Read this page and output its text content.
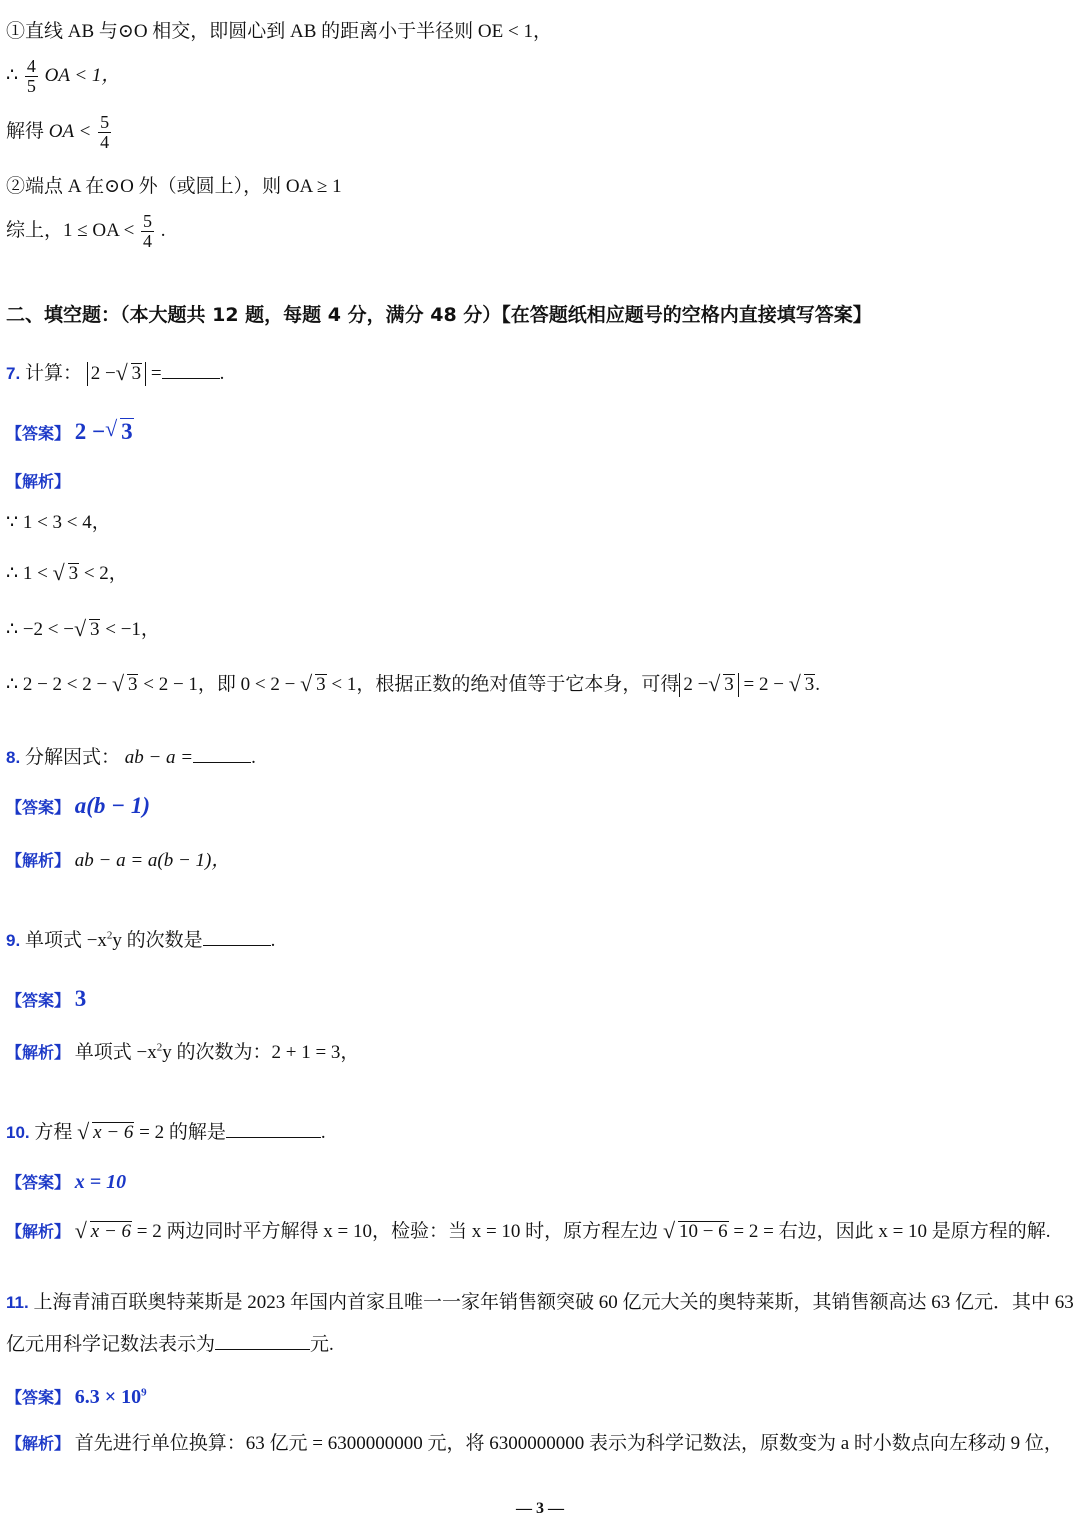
①直线 AB 与⊙O 相交，即圆心到 AB 的距离小于半径则 OE < 1，
∴ $\frac{4}{5}$ OA < 1，
解得 OA < $\frac{5}{4}$
②端点 A 在⊙O 外（或圆上），则 OA ≥ 1
综上，1 ≤ OA < $\frac{5}{4}$ .
二、填空题：（本大题共 12 题，每题 4 分，满分 48 分）【在答题纸相应题号的空格内直接填写答案】
7. 计算： 2 − √ 3 =	.
【答案】 2 − √ 3
【解析】
∵ 1 < 3 < 4，
∴ 1 < √ 3 < 2，
∴ −2 < − √ 3 < −1，
∴ 2 − 2 < 2 − √ 3 < 2 − 1，即 0 < 2 − √ 3 < 1，根据正数的绝对值等于它本身，可得 2 − √ 3 = 2 − √ 3.
8. 分解因式： ab − a =	.
【答案】 a(b − 1)
【解析】 ab − a = a(b − 1)，
9. 单项式 $-x^2y$ 的次数是	.
【答案】 3
【解析】 单项式 $-x^2y$ 的次数为：2 + 1 = 3，
10. 方程 √ x − 6 = 2 的解是	.
【答案】 x = 10
【解析】 √ x − 6 = 2 两边同时平方解得 x = 10，检验：当 x = 10 时，原方程左边 √ 10 − 6 = 2 = 右边，因此 x = 10 是原方程的解.
11. 上海青浦百联奥特莱斯是 2023 年国内首家且唯一一家年销售额突破 60 亿元大关的奥特莱斯，其销售额高达 63 亿元．其中 63
亿元用科学记数法表示为	元.
【答案】 $6.3 \times 10^9$
【解析】 首先进行单位换算：63 亿元 = 6300000000 元，将 6300000000 表示为科学记数法，原数变为 a 时小数点向左移动 9 位，
— 3 —
